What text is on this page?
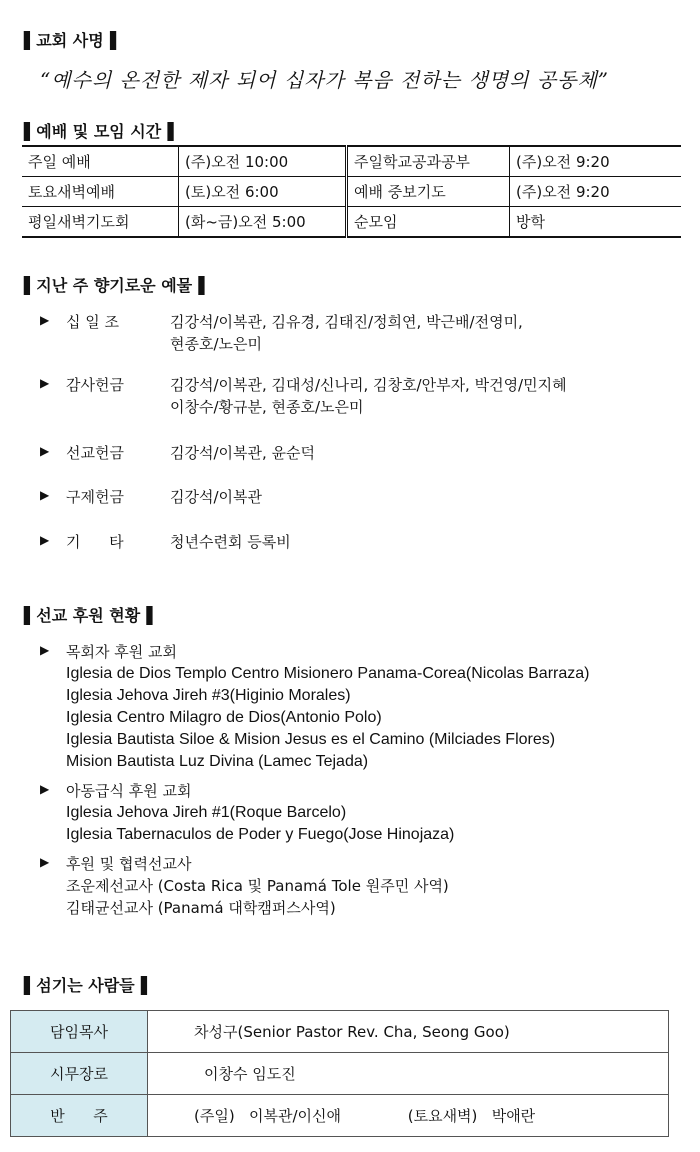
▌교회 사명▐
“예수의 온전한 제자 되어 십자가 복음 전하는 생명의 공동체”
▌예배 및 모임 시간▐
주일 예배	(주)오전 10:00	주일학교공과공부	(주)오전 9:20
토요새벽예배	(토)오전 6:00	예배 중보기도	(주)오전 9:20
평일새벽기도회	(화~금)오전 5:00	순모임	방학
▌지난 주 향기로운 예물▐
▶ 십 일 조	김강석/이복관, 김유경, 김태진/정희연, 박근배/전영미,
현종호/노은미
▶ 감사헌금	김강석/이복관, 김대성/신나리, 김창호/안부자, 박건영/민지혜
이창수/황규분, 현종호/노은미
▶ 선교헌금	김강석/이복관, 윤순덕
▶ 구제헌금	김강석/이복관
▶ 기      타	청년수련회 등록비
▌선교 후원 현황▐
▶ 목회자 후원 교회
Iglesia de Dios Templo Centro Misionero Panama-Corea(Nicolas Barraza)
Iglesia Jehova Jireh #3(Higinio Morales)
Iglesia Centro Milagro de Dios(Antonio Polo)
Iglesia Bautista Siloe & Mision Jesus es el Camino (Milciades Flores)
Mision Bautista Luz Divina (Lamec Tejada)
▶ 아동급식 후원 교회
Iglesia Jehova Jireh #1(Roque Barcelo)
Iglesia Tabernaculos de Poder y Fuego(Jose Hinojaza)
▶ 후원 및 협력선교사
조운제선교사 (Costa Rica 및 Panamá Tole 원주민 사역)
김태균선교사 (Panamá 대학캠퍼스사역)
▌섬기는 사람들▐
담임목사	차성구(Senior Pastor Rev. Cha, Seong Goo)
시무장로	이창수 임도진
반      주	(주일)   이복관/이신애              (토요새벽)   박애란
